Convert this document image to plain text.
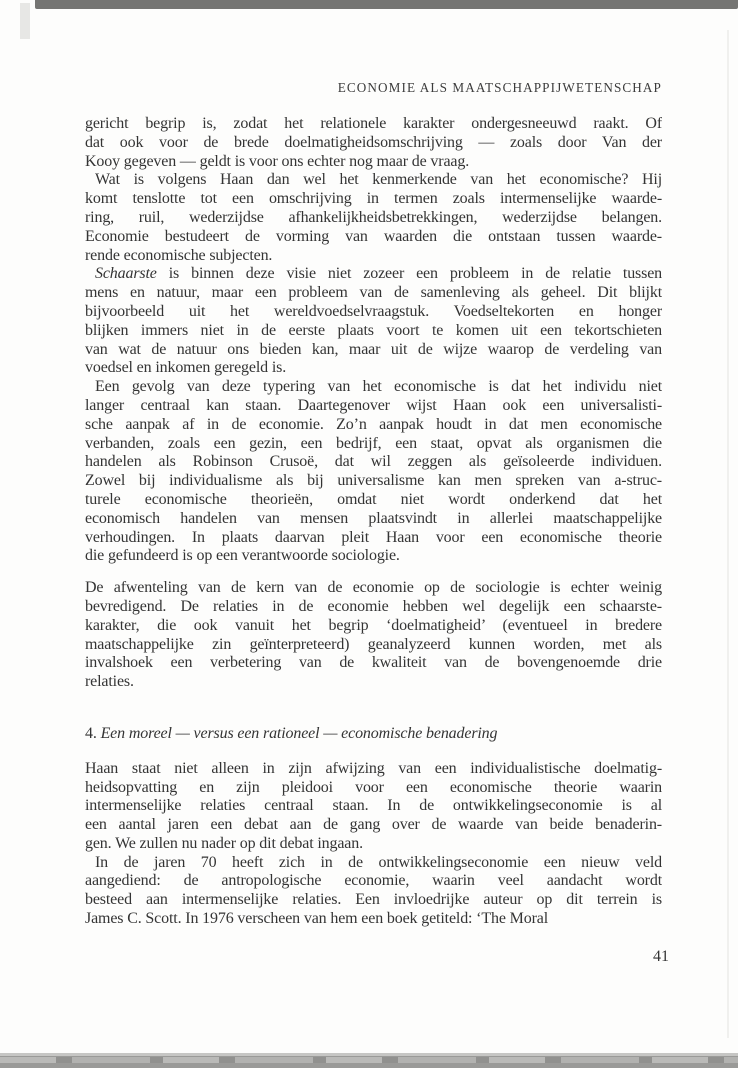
ECONOMIE ALS MAATSCHAPPIJWETENSCHAP
gericht begrip is, zodat het relationele karakter ondergesneeuwd raakt. Of
dat ook voor de brede doelmatigheidsomschrijving — zoals door Van der
Kooy gegeven — geldt is voor ons echter nog maar de vraag.
Wat is volgens Haan dan wel het kenmerkende van het economische? Hij
komt tenslotte tot een omschrijving in termen zoals intermenselijke waarde-
ring, ruil, wederzijdse afhankelijkheidsbetrekkingen, wederzijdse belangen.
Economie bestudeert de vorming van waarden die ontstaan tussen waarde-
rende economische subjecten.
Schaarste is binnen deze visie niet zozeer een probleem in de relatie tussen
mens en natuur, maar een probleem van de samenleving als geheel. Dit blijkt
bijvoorbeeld uit het wereldvoedselvraagstuk. Voedseltekorten en honger
blijken immers niet in de eerste plaats voort te komen uit een tekortschieten
van wat de natuur ons bieden kan, maar uit de wijze waarop de verdeling van
voedsel en inkomen geregeld is.
Een gevolg van deze typering van het economische is dat het individu niet
langer centraal kan staan. Daartegenover wijst Haan ook een universalisti-
sche aanpak af in de economie. Zo’n aanpak houdt in dat men economische
verbanden, zoals een gezin, een bedrijf, een staat, opvat als organismen die
handelen als Robinson Crusoë, dat wil zeggen als geïsoleerde individuen.
Zowel bij individualisme als bij universalisme kan men spreken van a-struc-
turele economische theorieën, omdat niet wordt onderkend dat het
economisch handelen van mensen plaatsvindt in allerlei maatschappelijke
verhoudingen. In plaats daarvan pleit Haan voor een economische theorie
die gefundeerd is op een verantwoorde sociologie.
De afwenteling van de kern van de economie op de sociologie is echter weinig
bevredigend. De relaties in de economie hebben wel degelijk een schaarste-
karakter, die ook vanuit het begrip ‘doelmatigheid’ (eventueel in bredere
maatschappelijke zin geïnterpreteerd) geanalyzeerd kunnen worden, met als
invalshoek een verbetering van de kwaliteit van de bovengenoemde drie
relaties.
4. Een moreel — versus een rationeel — economische benadering
Haan staat niet alleen in zijn afwijzing van een individualistische doelmatig-
heidsopvatting en zijn pleidooi voor een economische theorie waarin
intermenselijke relaties centraal staan. In de ontwikkelingseconomie is al
een aantal jaren een debat aan de gang over de waarde van beide benaderin-
gen. We zullen nu nader op dit debat ingaan.
In de jaren 70 heeft zich in de ontwikkelingseconomie een nieuw veld
aangediend: de antropologische economie, waarin veel aandacht wordt
besteed aan intermenselijke relaties. Een invloedrijke auteur op dit terrein is
James C. Scott. In 1976 verscheen van hem een boek getiteld: ‘The Moral
41
